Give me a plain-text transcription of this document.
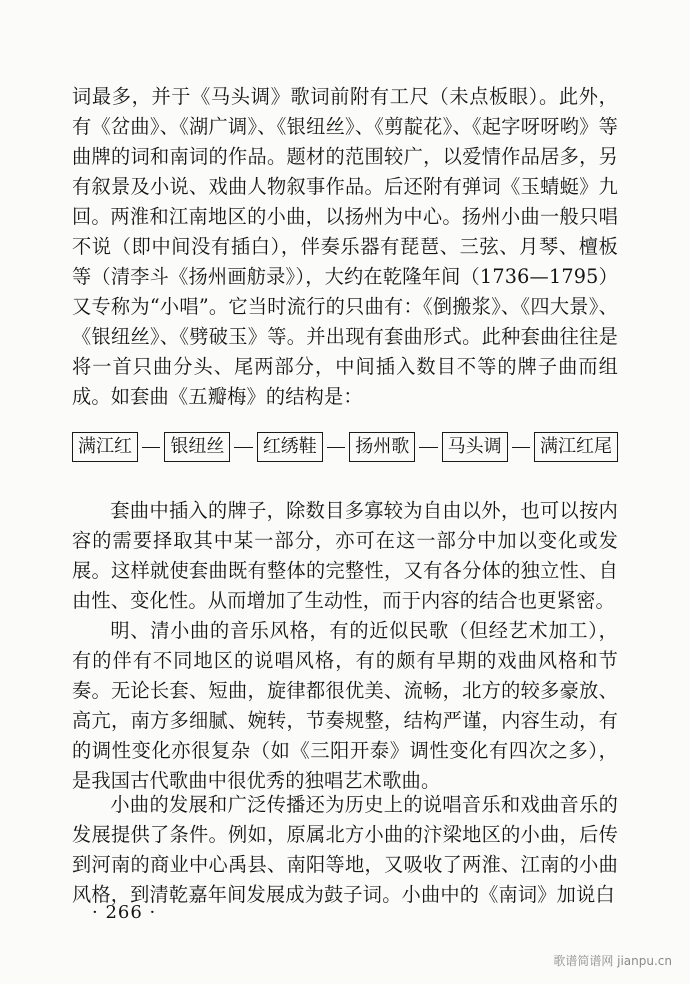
词最多，并于《马头调》歌词前附有工尺（未点板眼）。此外，有《岔曲》、《湖广调》、《银纽丝》、《剪靛花》、《起字呀呀哟》等曲牌的词和南词的作品。题材的范围较广，以爱情作品居多，另有叙景及小说、戏曲人物叙事作品。后还附有弹词《玉蜻蜓》九回。 两淮和江南地区的小曲，以扬州为中心。扬州小曲一般只唱不说（即中间没有插白），伴奏乐器有琵琶、三弦、月琴、檀板等（清李斗《扬州画舫录》），大约在乾隆年间（1736—1795）又专称为“小唱”。它当时流行的只曲有：《倒搬浆》、《四大景》、《银纽丝》、《劈破玉》等。并出现有套曲形式。此种套曲往往是将一首只曲分头、尾两部分，中间插入数目不等的牌子曲而组成。如套曲《五瓣梅》的结构是：

满江红	银纽丝	红绣鞋	扬州歌	马头调	满江红尾

套曲中插入的牌子，除数目多寡较为自由以外，也可以按内容的需要择取其中某一部分，亦可在这一部分中加以变化或发展。这样就使套曲既有整体的完整性，又有各分体的独立性、自由性、变化性。从而增加了生动性，而于内容的结合也更紧密。

明、清小曲的音乐风格，有的近似民歌（但经艺术加工），有的伴有不同地区的说唱风格，有的颇有早期的戏曲风格和节奏。无论长套、短曲，旋律都很优美、流畅，北方的较多豪放、高亢，南方多细腻、婉转，节奏规整，结构严谨，内容生动，有的调性变化亦很复杂（如《三阳开泰》调性变化有四次之多），是我国古代歌曲中很优秀的独唱艺术歌曲。

小曲的发展和广泛传播还为历史上的说唱音乐和戏曲音乐的发展提供了条件。例如，原属北方小曲的汴梁地区的小曲，后传到河南的商业中心禹县、南阳等地，又吸收了两淮、江南的小曲风格，到清乾嘉年间发展成为鼓子词。小曲中的《南词》加说白

· 266 ·
歌谱简谱网 jianpu.cn
